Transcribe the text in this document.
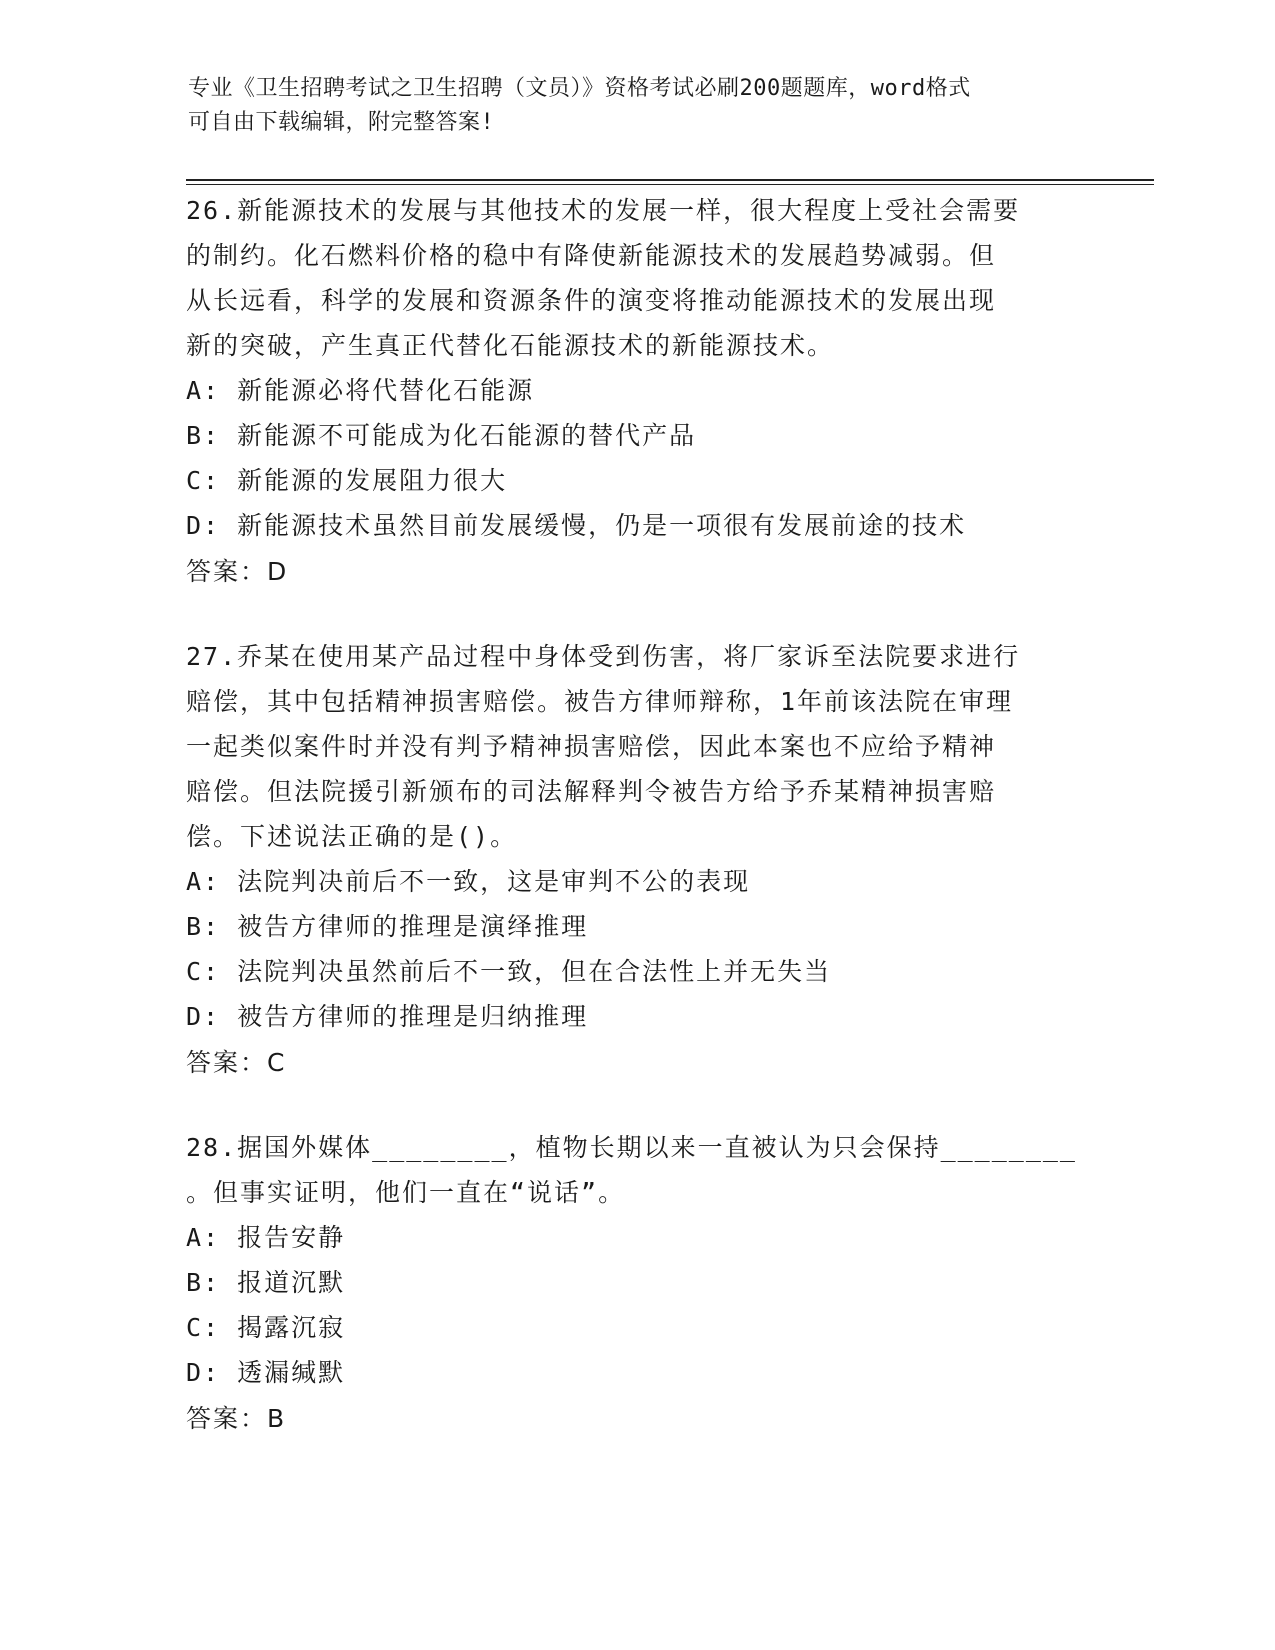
专业《卫生招聘考试之卫生招聘（文员）》资格考试必刷200题题库，word格式
可自由下载编辑，附完整答案!
26.新能源技术的发展与其他技术的发展一样，很大程度上受社会需要
的制约。化石燃料价格的稳中有降使新能源技术的发展趋势减弱。但
从长远看，科学的发展和资源条件的演变将推动能源技术的发展出现
新的突破，产生真正代替化石能源技术的新能源技术。
A: 新能源必将代替化石能源
B: 新能源不可能成为化石能源的替代产品
C: 新能源的发展阻力很大
D: 新能源技术虽然目前发展缓慢，仍是一项很有发展前途的技术
答案：D
27.乔某在使用某产品过程中身体受到伤害，将厂家诉至法院要求进行
赔偿，其中包括精神损害赔偿。被告方律师辩称，1年前该法院在审理
一起类似案件时并没有判予精神损害赔偿，因此本案也不应给予精神
赔偿。但法院援引新颁布的司法解释判令被告方给予乔某精神损害赔
偿。下述说法正确的是()。
A: 法院判决前后不一致，这是审判不公的表现
B: 被告方律师的推理是演绎推理
C: 法院判决虽然前后不一致，但在合法性上并无失当
D: 被告方律师的推理是归纳推理
答案：C
28.据国外媒体________，植物长期以来一直被认为只会保持________
。但事实证明，他们一直在“说话”。
A: 报告安静
B: 报道沉默
C: 揭露沉寂
D: 透漏缄默
答案：B
